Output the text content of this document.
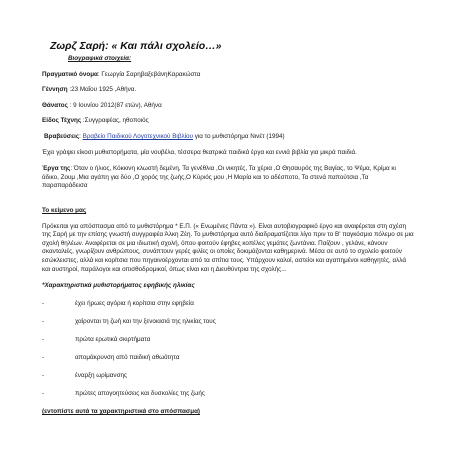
Ζωρζ Σαρή: « Και πάλι σχολείο…»
Βιογραφικά στοιχεία:
Πραγματικό όνομα: Γεωργία ΣαρηβαξεβάνηΚαρακώστα
Γέννηση :23 Μαΐου 1925 ,Αθήνα.
Θάνατος : 9 Ιουνίου 2012(87 ετών), Αθήνα
Είδος Τέχνης :Συγγραφέας, ηθοποιός
Βραβεύσεις: Βραβείο Παιδικού Λογοτεχνικού Βιβλίου για το μυθιστόρημα Νινέτ (1994)
Έχει γράψει είκοσι μυθιστορήματα, μία νουβέλα, τέσσερα θεατρικά παιδικά έργα και εννιά βιβλία για μικρά παιδιά.
Έργα της: Όταν ο ήλιος, Κόκκινη κλωστή δεμένη, Τα γενέθλια ,Οι νικητές, Τα χέρια ,Ο Θησαυρός της Βαγίας, το Ψέμα, Κρίμα κι άδικο, Ζουμ ,Μια αγάπη για δύο ,Ο χορός της ζωής,Ο Κύριός μου ,Η Μαρία και το αδέσποτο, Τα στενά παπούτσια ,Τα παραπαράδεισα
Το κείμενο μας
Πρόκειται για απόσπασμα από το μυθιστόρημα * Ε.Π. (« Ενωμένες Πάντα »). Είναι αυτοβιογραφικό έργο και αναφέρεται στη σχέση της Σαρή με την επίσης γνωστή συγγραφέα Άλκη Ζέη. Το μυθιστόρημα αυτό διαδραματίζεται λίγο πριν το Β' παγκόσμιο πόλεμο σε μια σχολή θηλέων. Αναφέρεται σε μια ιδιωτική σχολή, όπου φοιτούν έφηβες κοπέλες γεμάτες ζωντάνια. Παίζουν , γελάνε, κάνουν σκανταλιές, γνωρίζουν ανθρώπους, συνάπτουν γερές φιλίες οι οποίες δοκιμάζονται καθημερινά. Μέσα σε αυτό το σχολείο φοιτούν εσώκλειστες, αλλά και κορίτσια που πηγαινοέρχονται από τα σπίτια τους. Υπάρχουν καλοί, αστείοι και αγαπημένοι καθηγητές, αλλά και αυστηροί, παράλογοι και οπισθοδρομικοί, όπως είναι και η Διευθύντρια της σχολής...
*Χαρακτηριστικά μυθιστορήματος εφηβικής ηλικίας
-	έχει ήρωες αγόρια ή κορίτσια στην εφηβεία
-	χαίρονται τη ζωή και την ξενοιασιά της ηλικίας τους
-	πρώτα ερωτικά σκιρτήματα
-	απομάκρυνση από παιδική αθωότητα
-	έναρξη ωρίμανσης
-	πρώτες απογοητεύσεις και δυσκολίες της ζωής
(εντοπίστε αυτά τα χαρακτηριστικά στο απόσπασμα)
